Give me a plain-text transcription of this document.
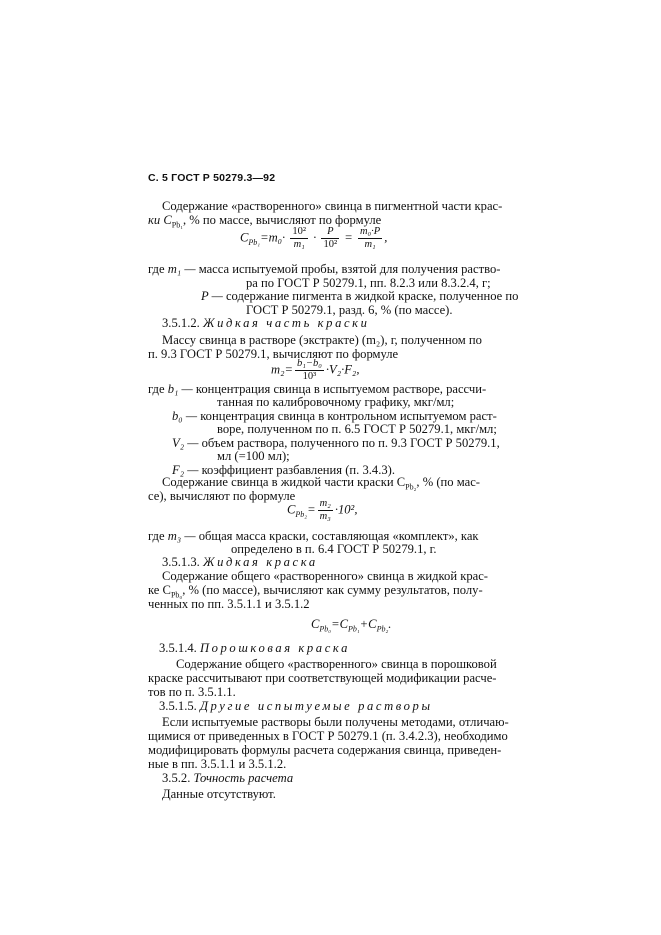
С. 5 ГОСТ Р 50279.3—92
Содержание «растворенного» свинца в пигментной части крас-
ки $C_{Pb_1}$, % по массе, вычисляют по формуле
$C_{Pb_1}=m_0\cdot \frac{\text{10²}}{\text{m₁}} \cdot \frac{P}{\text{10²}} = \frac{\text{m₀·P}}{\text{m₁}}$ ,
где m₁ — масса испытуемой пробы, взятой для получения раство-
ра по ГОСТ Р 50279.1, пп. 8.2.3 или 8.3.2.4, г;
P — содержание пигмента в жидкой краске, полученное по
ГОСТ Р 50279.1, разд. 6, % (по массе).
3.5.1.2. Жидкая часть краски
Массу свинца в растворе (экстракте) (m₂), г, полученном по
п. 9.3 ГОСТ Р 50279.1, вычисляют по формуле
$m_2= \frac{\text{b₁−b₀}}{\text{10³}} \cdot V_2\cdot F_2$,
где b₁ — концентрация свинца в испытуемом растворе, рассчи-
танная по калибровочному графику, мкг/мл;
b₀ — концентрация свинца в контрольном испытуемом раст-
воре, полученном по п. 6.5 ГОСТ Р 50279.1, мкг/мл;
V₂ — объем раствора, полученного по п. 9.3 ГОСТ Р 50279.1,
мл (=100 мл);
F₂ — коэффициент разбавления (п. 3.4.3).
Содержание свинца в жидкой части краски $C_{Pb_2}$, % (по мас-
се), вычисляют по формуле
$C_{Pb_2}= \frac{\text{m₂}}{\text{m₃}} \cdot 10^2$,
где m₃ — общая масса краски, составляющая «комплект», как
определено в п. 6.4 ГОСТ Р 50279.1, г.
3.5.1.3. Жидкая краска
Содержание общего «растворенного» свинца в жидкой крас-
ке $C_{Pb_0}$, % (по массе), вычисляют как сумму результатов, полу-
ченных по пп. 3.5.1.1 и 3.5.1.2
$C_{Pb_0}=C_{Pb_1}+C_{Pb_2}$.
3.5.1.4. Порошковая краска
Содержание общего «растворенного» свинца в порошковой
краске рассчитывают при соответствующей модификации расче-
тов по п. 3.5.1.1.
3.5.1.5. Другие испытуемые растворы
Если испытуемые растворы были получены методами, отличаю-
щимися от приведенных в ГОСТ Р 50279.1 (п. 3.4.2.3), необходимо
модифицировать формулы расчета содержания свинца, приведен-
ные в пп. 3.5.1.1 и 3.5.1.2.
3.5.2. Точность расчета
Данные отсутствуют.
